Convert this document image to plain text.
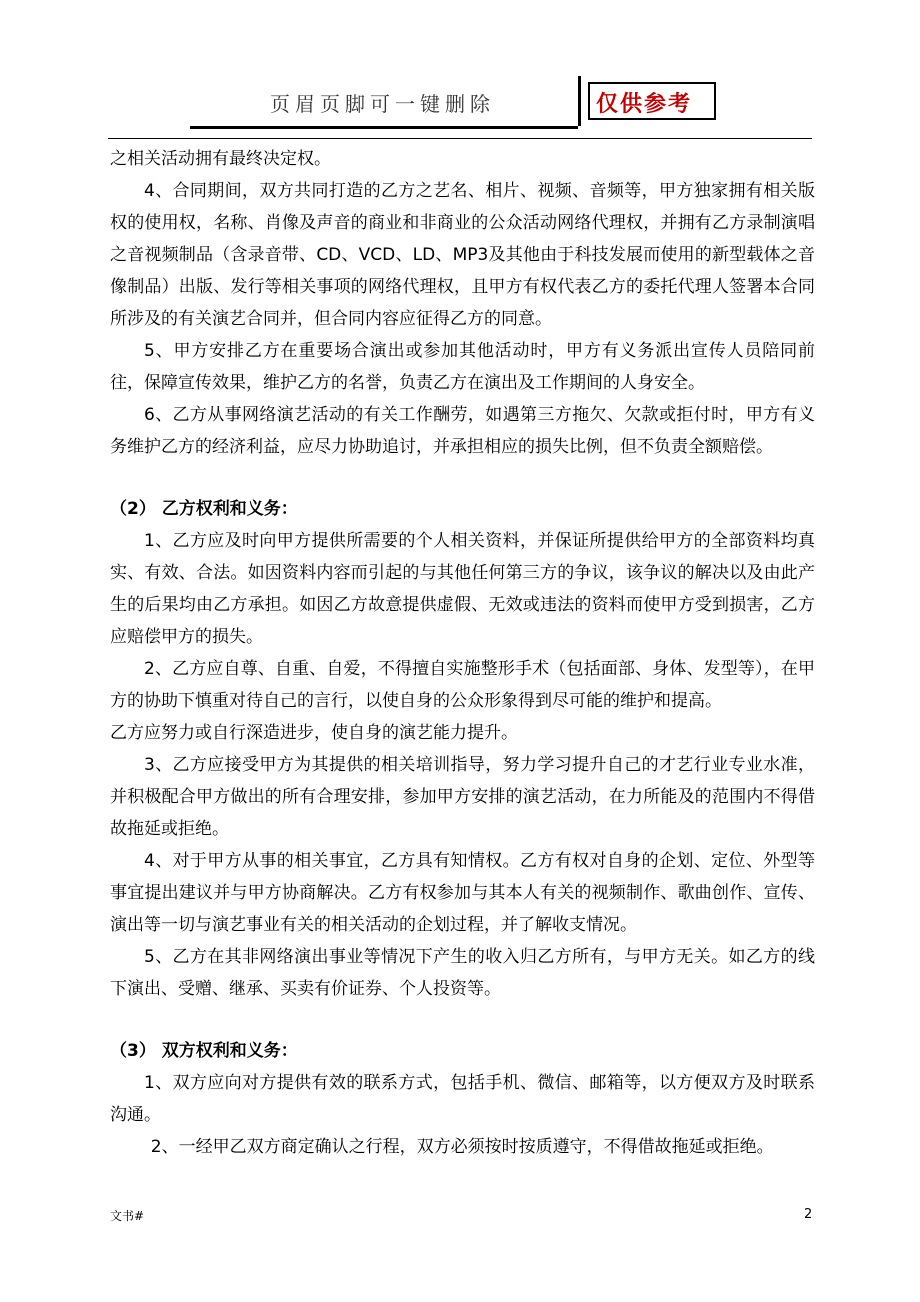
页眉页脚可一键删除	仅供参考

之相关活动拥有最终决定权。

4、合同期间，双方共同打造的乙方之艺名、相片、视频、音频等，甲方独家拥有相关版权的使用权，名称、肖像及声音的商业和非商业的公众活动网络代理权，并拥有乙方录制演唱之音视频制品（含录音带、CD、VCD、LD、MP3及其他由于科技发展而使用的新型载体之音像制品）出版、发行等相关事项的网络代理权，且甲方有权代表乙方的委托代理人签署本合同所涉及的有关演艺合同并，但合同内容应征得乙方的同意。

5、甲方安排乙方在重要场合演出或参加其他活动时，甲方有义务派出宣传人员陪同前往，保障宣传效果，维护乙方的名誉，负责乙方在演出及工作期间的人身安全。

6、乙方从事网络演艺活动的有关工作酬劳，如遇第三方拖欠、欠款或拒付时，甲方有义务维护乙方的经济利益，应尽力协助追讨，并承担相应的损失比例，但不负责全额赔偿。

（2） 乙方权利和义务：

1、乙方应及时向甲方提供所需要的个人相关资料，并保证所提供给甲方的全部资料均真实、有效、合法。如因资料内容而引起的与其他任何第三方的争议，该争议的解决以及由此产生的后果均由乙方承担。如因乙方故意提供虚假、无效或违法的资料而使甲方受到损害，乙方应赔偿甲方的损失。

2、乙方应自尊、自重、自爱，不得擅自实施整形手术（包括面部、身体、发型等），在甲方的协助下慎重对待自己的言行，以使自身的公众形象得到尽可能的维护和提高。

乙方应努力或自行深造进步，使自身的演艺能力提升。

3、乙方应接受甲方为其提供的相关培训指导，努力学习提升自己的才艺行业专业水准，并积极配合甲方做出的所有合理安排，参加甲方安排的演艺活动，在力所能及的范围内不得借故拖延或拒绝。

4、对于甲方从事的相关事宜，乙方具有知情权。乙方有权对自身的企划、定位、外型等事宜提出建议并与甲方协商解决。乙方有权参加与其本人有关的视频制作、歌曲创作、宣传、演出等一切与演艺事业有关的相关活动的企划过程，并了解收支情况。

5、乙方在其非网络演出事业等情况下产生的收入归乙方所有，与甲方无关。如乙方的线下演出、受赠、继承、买卖有价证券、个人投资等。

（3） 双方权利和义务：

1、双方应向对方提供有效的联系方式，包括手机、微信、邮箱等，以方便双方及时联系沟通。

2、一经甲乙双方商定确认之行程，双方必须按时按质遵守，不得借故拖延或拒绝。

文书#	2
